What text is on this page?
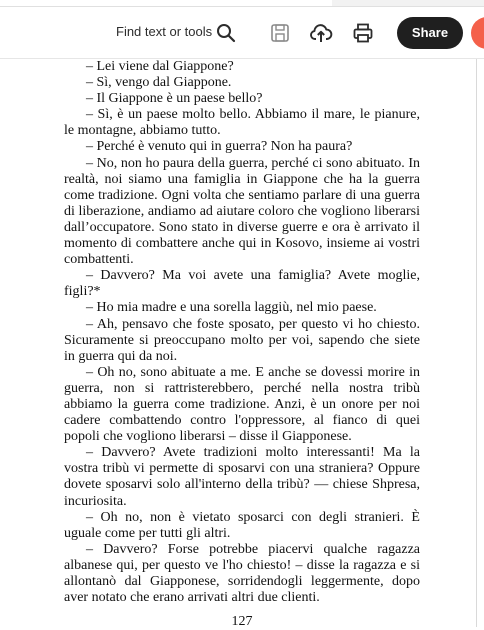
Find text or tools	Share

– Lei viene dal Giappone?

– Sì, vengo dal Giappone.

– Il Giappone è un paese bello?

– Sì, è un paese molto bello. Abbiamo il mare, le pianure, le montagne, abbiamo tutto.

– Perché è venuto qui in guerra? Non ha paura?

– No, non ho paura della guerra, perché ci sono abituato. In realtà, noi siamo una famiglia in Giappone che ha la guerra come tradizione. Ogni volta che sentiamo parlare di una guerra di liberazione, andiamo ad aiutare coloro che vogliono liberarsi dall’occupatore. Sono stato in diverse guerre e ora è arrivato il momento di combattere anche qui in Kosovo, insieme ai vostri combattenti.

– Davvero? Ma voi avete una famiglia? Avete moglie, figli?*

– Ho mia madre e una sorella laggiù, nel mio paese.

– Ah, pensavo che foste sposato, per questo vi ho chiesto. Sicuramente si preoccupano molto per voi, sapendo che siete in guerra qui da noi.

– Oh no, sono abituate a me. E anche se dovessi morire in guerra, non si rattristerebbero, perché nella nostra tribù abbiamo la guerra come tradizione. Anzi, è un onore per noi cadere combattendo contro l'oppressore, al fianco di quei popoli che vogliono liberarsi – disse il Giapponese.

– Davvero? Avete tradizioni molto interessanti! Ma la vostra tribù vi permette di sposarvi con una straniera? Oppure dovete sposarvi solo all'interno della tribù? — chiese Shpresa, incuriosita.

– Oh no, non è vietato sposarci con degli stranieri. È uguale come per tutti gli altri.

– Davvero? Forse potrebbe piacervi qualche ragazza albanese qui, per questo ve l'ho chiesto! – disse la ragazza e si allontanò dal Giapponese, sorridendogli leggermente, dopo aver notato che erano arrivati altri due clienti.

127
